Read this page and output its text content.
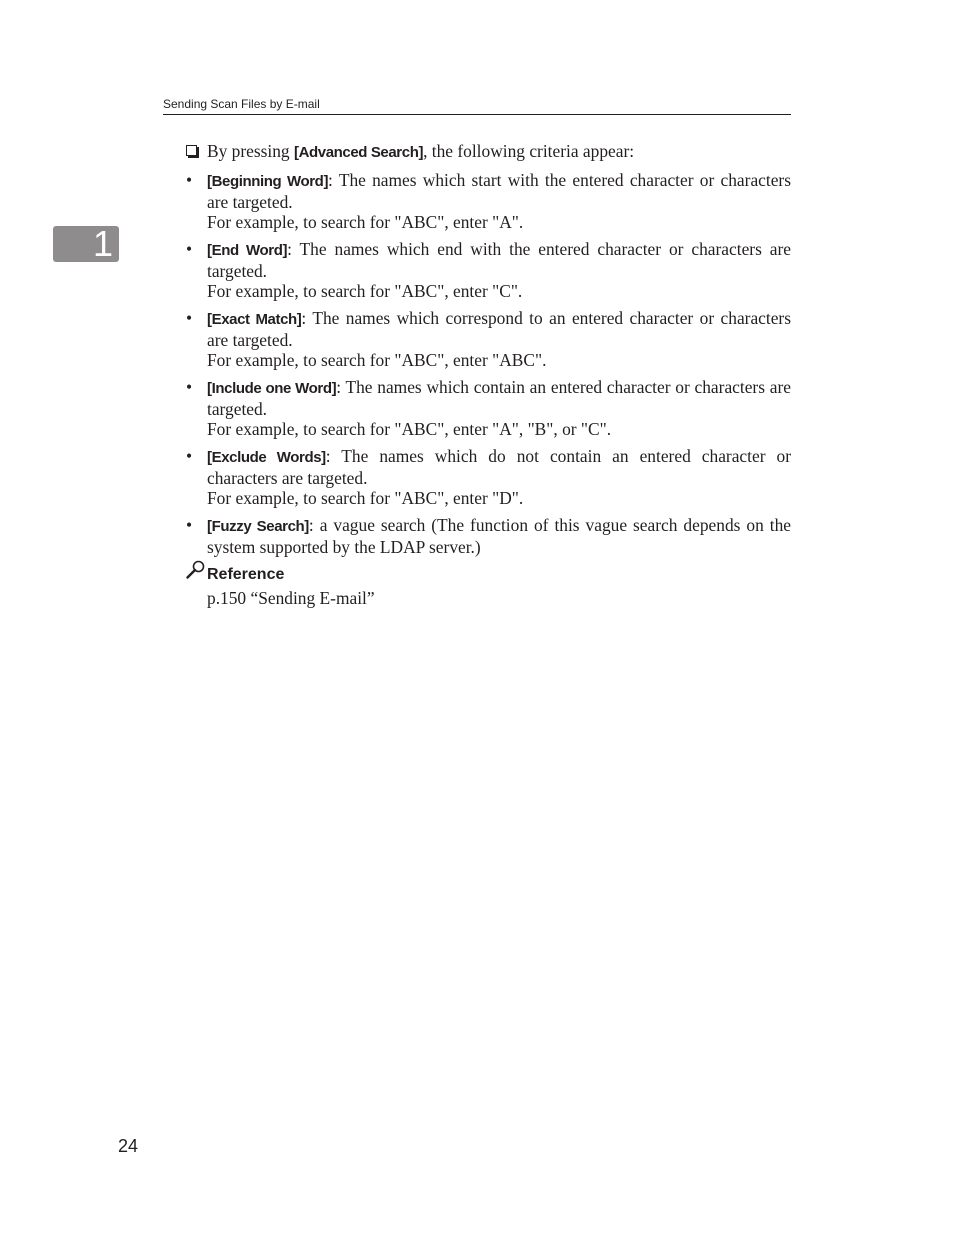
Sending Scan Files by E-mail
1
By pressing [Advanced Search], the following criteria appear:
• [Beginning Word]: The names which start with the entered character or characters are targeted.
For example, to search for "ABC", enter "A".
• [End Word]: The names which end with the entered character or characters are targeted.
For example, to search for "ABC", enter "C".
• [Exact Match]: The names which correspond to an entered character or characters are targeted.
For example, to search for "ABC", enter "ABC".
• [Include one Word]: The names which contain an entered character or characters are targeted.
For example, to search for "ABC", enter "A", "B", or "C".
• [Exclude Words]: The names which do not contain an entered character or characters are targeted.
For example, to search for "ABC", enter "D".
• [Fuzzy Search]: a vague search (The function of this vague search depends on the system supported by the LDAP server.)
Reference
p.150 “Sending E-mail”
24
